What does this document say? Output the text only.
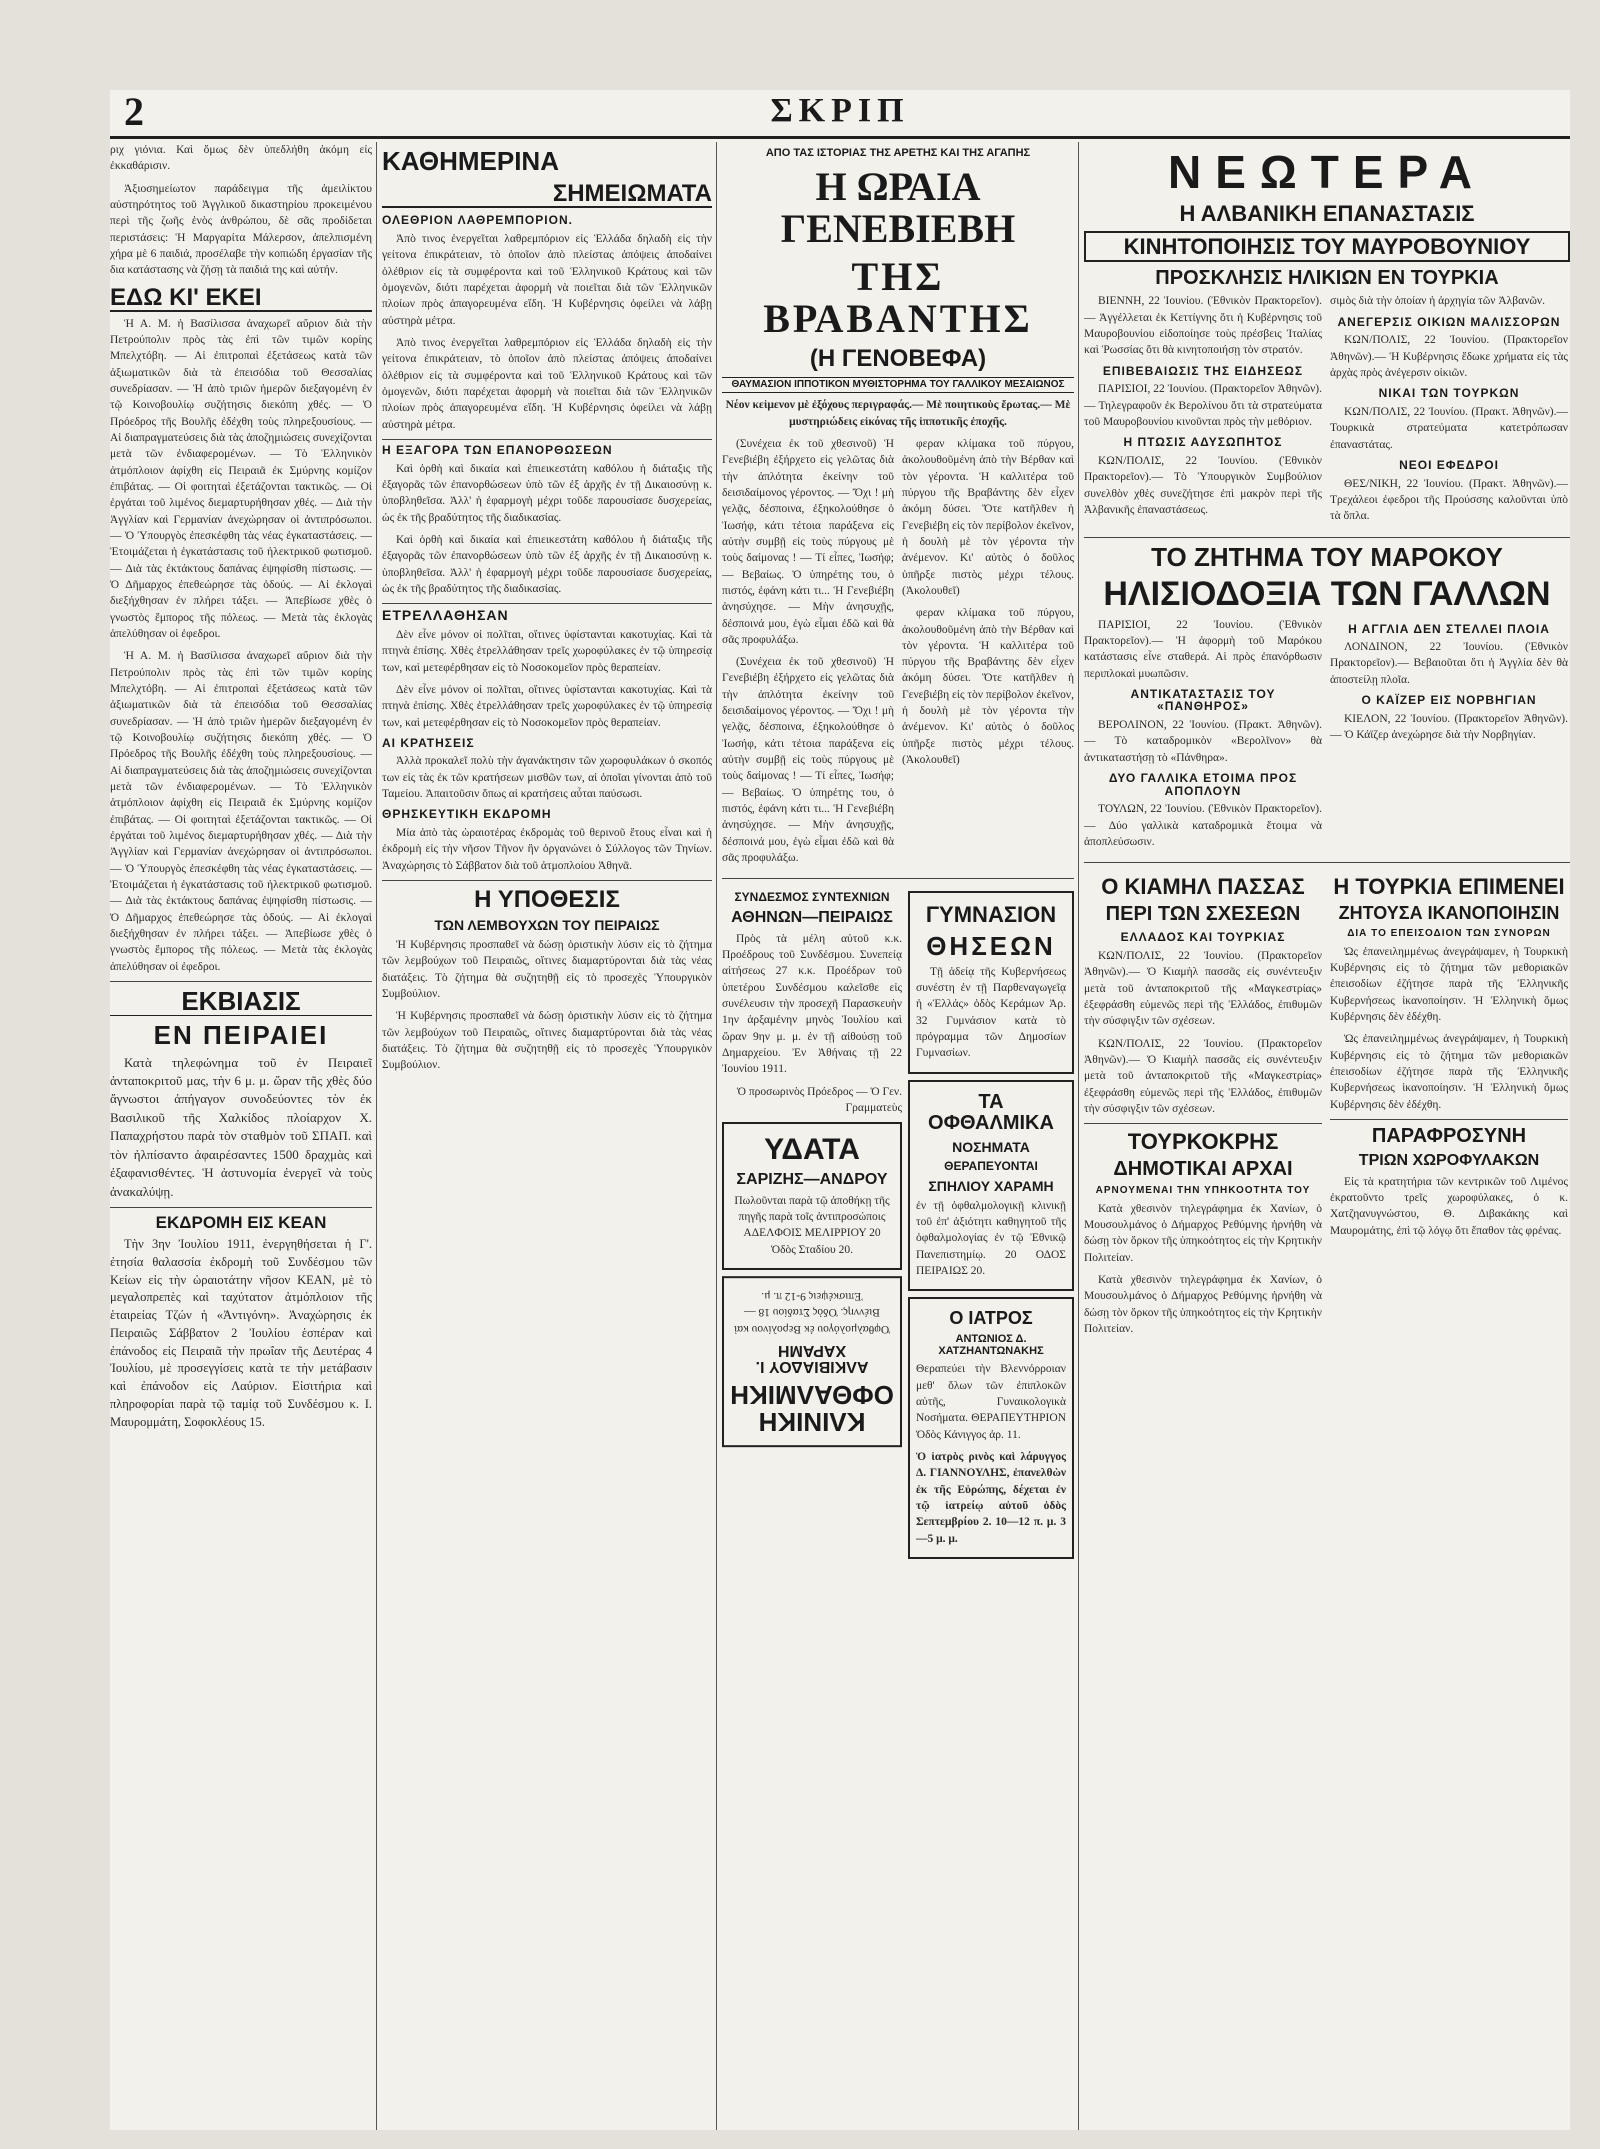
2	ΣΚΡΙΠ

ριχ γιόνια. Καὶ ὅμως δὲν ὑπεδλήθη ἀκόμη εἰς ἐκκαθάρισιν.

Ἀξιοσημείωτον παράδειγμα τῆς ἀμειλίκτου αὐστηρότητος τοῦ Ἀγγλικοῦ δικαστηρίου προκειμένου περὶ τῆς ζωῆς ἑνὸς ἀνθρώπου, δὲ σᾶς προδίδεται περιστάσεις: Ἡ Μαργαρίτα Μάλερσον, ἀπελπισμένη χήρα μὲ 6 παιδιά, προσέλαβε τὴν κοπιώδη ἐργασίαν τῆς δια κατάστασης νὰ ζήσῃ τὰ παιδιά της καὶ αὐτήν.

ΕΔΩ ΚΙ' ΕΚΕΙ

Ἡ Α. Μ. ἡ Βασίλισσα ἀναχωρεῖ αὔριον διὰ τὴν Πετρούπολιν πρὸς τὰς ἐπὶ τῶν τιμῶν κορίης Μπελχτόβη. — Αἱ ἐπιτροπαὶ ἐξετάσεως κατὰ τῶν ἀξιωματικῶν διὰ τὰ ἐπεισόδια τοῦ Θεσσαλίας συνεδρίασαν. — Ἡ ἀπὸ τριῶν ἡμερῶν διεξαγομένη ἐν τῷ Κοινοβουλίῳ συζήτησις διεκόπη χθές. — Ὁ Πρόεδρος τῆς Βουλῆς ἐδέχθη τοὺς πληρεξουσίους. — Αἱ διαπραγματεύσεις διὰ τὰς ἀποζημιώσεις συνεχίζονται μετὰ τῶν ἐνδιαφερομένων. — Τὸ Ἑλληνικὸν ἀτμόπλοιον ἀφίχθη εἰς Πειραιᾶ ἐκ Σμύρνης κομίζον ἐπιβάτας. — Οἱ φοιτηταὶ ἐξετάζονται τακτικῶς. — Οἱ ἐργάται τοῦ λιμένος διεμαρτυρήθησαν χθές. — Διὰ τὴν Ἀγγλίαν καὶ Γερμανίαν ἀνεχώρησαν οἱ ἀντιπρόσωποι. — Ὁ Ὑπουργὸς ἐπεσκέφθη τὰς νέας ἐγκαταστάσεις. — Ἐτοιμάζεται ἡ ἐγκατάστασις τοῦ ἠλεκτρικοῦ φωτισμοῦ. — Διὰ τὰς ἐκτάκτους δαπάνας ἐψηφίσθη πίστωσις. — Ὁ Δῆμαρχος ἐπεθεώρησε τὰς ὁδούς. — Αἱ ἐκλογαὶ διεξήχθησαν ἐν πλήρει τάξει. — Ἀπεβίωσε χθὲς ὁ γνωστὸς ἔμπορος τῆς πόλεως. — Μετὰ τὰς ἐκλογὰς ἀπελύθησαν οἱ ἐφεδροι.

Ἡ Α. Μ. ἡ Βασίλισσα ἀναχωρεῖ αὔριον διὰ τὴν Πετρούπολιν πρὸς τὰς ἐπὶ τῶν τιμῶν κορίης Μπελχτόβη. — Αἱ ἐπιτροπαὶ ἐξετάσεως κατὰ τῶν ἀξιωματικῶν διὰ τὰ ἐπεισόδια τοῦ Θεσσαλίας συνεδρίασαν. — Ἡ ἀπὸ τριῶν ἡμερῶν διεξαγομένη ἐν τῷ Κοινοβουλίῳ συζήτησις διεκόπη χθές. — Ὁ Πρόεδρος τῆς Βουλῆς ἐδέχθη τοὺς πληρεξουσίους. — Αἱ διαπραγματεύσεις διὰ τὰς ἀποζημιώσεις συνεχίζονται μετὰ τῶν ἐνδιαφερομένων. — Τὸ Ἑλληνικὸν ἀτμόπλοιον ἀφίχθη εἰς Πειραιᾶ ἐκ Σμύρνης κομίζον ἐπιβάτας. — Οἱ φοιτηταὶ ἐξετάζονται τακτικῶς. — Οἱ ἐργάται τοῦ λιμένος διεμαρτυρήθησαν χθές. — Διὰ τὴν Ἀγγλίαν καὶ Γερμανίαν ἀνεχώρησαν οἱ ἀντιπρόσωποι. — Ὁ Ὑπουργὸς ἐπεσκέφθη τὰς νέας ἐγκαταστάσεις. — Ἐτοιμάζεται ἡ ἐγκατάστασις τοῦ ἠλεκτρικοῦ φωτισμοῦ. — Διὰ τὰς ἐκτάκτους δαπάνας ἐψηφίσθη πίστωσις. — Ὁ Δῆμαρχος ἐπεθεώρησε τὰς ὁδούς. — Αἱ ἐκλογαὶ διεξήχθησαν ἐν πλήρει τάξει. — Ἀπεβίωσε χθὲς ὁ γνωστὸς ἔμπορος τῆς πόλεως. — Μετὰ τὰς ἐκλογὰς ἀπελύθησαν οἱ ἐφεδροι.

ΕΚΒΙΑΣΙΣ
ΕΝ ΠΕΙΡΑΙΕΙ

Κατὰ τηλεφώνημα τοῦ ἐν Πειραιεῖ ἀνταποκριτοῦ μας, τὴν 6 μ. μ. ὥραν τῆς χθὲς δύο ἄγνωστοι ἀπήγαγον συνοδεύοντες τὸν ἐκ Βασιλικοῦ τῆς Χαλκίδος πλοίαρχον Χ. Παπαχρήστου παρὰ τὸν σταθμὸν τοῦ ΣΠΑΠ. καὶ τὸν ἠλπίσαντο ἀφαιρέσαντες 1500 δραχμὰς καὶ ἐξαφανισθέντες. Ἡ ἀστυνομία ἐνεργεῖ νὰ τοὺς ἀνακαλύψῃ.

ΕΚΔΡΟΜΗ ΕΙΣ ΚΕΑΝ

Τὴν 3ην Ἰουλίου 1911, ἐνεργηθήσεται ἡ Γ'. ἐτησία θαλασσία ἐκδρομὴ τοῦ Συνδέσμου τῶν Κείων εἰς τὴν ὡραιοτάτην νῆσον ΚΕΑΝ, μὲ τὸ μεγαλοπρεπὲς καὶ ταχύτατον ἀτμόπλοιον τῆς ἑταιρείας Τζών ἡ «Ἀντιγόνη». Ἀναχώρησις ἐκ Πειραιῶς Σάββατον 2 Ἰουλίου ἑσπέραν καὶ ἐπάνοδος εἰς Πειραιᾶ τὴν πρωΐαν τῆς Δευτέρας 4 Ἰουλίου, μὲ προσεγγίσεις κατὰ τε τὴν μετάβασιν καὶ ἐπάνοδον εἰς Λαύριον. Εἰσιτήρια καὶ πληροφορίαι παρὰ τῷ ταμίᾳ τοῦ Συνδέσμου κ. Ι. Μαυρομμάτη, Σοφοκλέους 15.

ΚΑΘΗΜΕΡΙΝΑ
ΣΗΜΕΙΩΜΑΤΑ
ΟΛΕΘΡΙΟΝ ΛΑΘΡΕΜΠΟΡΙΟΝ.

Ἀπὸ τινος ἐνεργεῖται λαθρεμπόριον εἰς Ἑλλάδα δηλαδὴ εἰς τὴν γείτονα ἐπικράτειαν, τὸ ὁποῖον ἀπὸ πλείστας ἀπόψεις ἀποδαίνει ὀλέθριον εἰς τὰ συμφέροντα καὶ τοῦ Ἑλληνικοῦ Κράτους καὶ τῶν ὁμογενῶν, διότι παρέχεται ἀφορμὴ νὰ ποιεῖται διὰ τῶν Ἑλληνικῶν πλοίων πρὸς ἀπαγορευμένα εἴδη. Ἡ Κυβέρνησις ὀφείλει νὰ λάβῃ αὐστηρὰ μέτρα.

Ἀπὸ τινος ἐνεργεῖται λαθρεμπόριον εἰς Ἑλλάδα δηλαδὴ εἰς τὴν γείτονα ἐπικράτειαν, τὸ ὁποῖον ἀπὸ πλείστας ἀπόψεις ἀποδαίνει ὀλέθριον εἰς τὰ συμφέροντα καὶ τοῦ Ἑλληνικοῦ Κράτους καὶ τῶν ὁμογενῶν, διότι παρέχεται ἀφορμὴ νὰ ποιεῖται διὰ τῶν Ἑλληνικῶν πλοίων πρὸς ἀπαγορευμένα εἴδη. Ἡ Κυβέρνησις ὀφείλει νὰ λάβῃ αὐστηρὰ μέτρα.

Η ΕΞΑΓΟΡΑ ΤΩΝ ΕΠΑΝΟΡΘΩΣΕΩΝ

Καὶ ὀρθὴ καὶ δικαία καὶ ἐπιεικεστάτη καθόλου ἡ διάταξις τῆς ἐξαγορᾶς τῶν ἐπανορθώσεων ὑπὸ τῶν ἐξ ἀρχῆς ἐν τῇ Δικαιοσύνῃ κ. ὑποβληθεῖσα. Ἀλλ' ἡ ἐφαρμογὴ μέχρι τοῦδε παρουσίασε δυσχερείας, ὡς ἐκ τῆς βραδύτητος τῆς διαδικασίας.

Καὶ ὀρθὴ καὶ δικαία καὶ ἐπιεικεστάτη καθόλου ἡ διάταξις τῆς ἐξαγορᾶς τῶν ἐπανορθώσεων ὑπὸ τῶν ἐξ ἀρχῆς ἐν τῇ Δικαιοσύνῃ κ. ὑποβληθεῖσα. Ἀλλ' ἡ ἐφαρμογὴ μέχρι τοῦδε παρουσίασε δυσχερείας, ὡς ἐκ τῆς βραδύτητος τῆς διαδικασίας.

ΕΤΡΕΛΛΑΘΗΣΑΝ

Δὲν εἶνε μόνον οἱ πολῖται, οἵτινες ὑφίστανται κακοτυχίας. Καὶ τὰ πτηνὰ ἐπίσης. Χθὲς ἐτρελλάθησαν τρεῖς χωροφύλακες ἐν τῷ ὑπηρεσίᾳ των, καὶ μετεφέρθησαν εἰς τὸ Νοσοκομεῖον πρὸς θεραπείαν.

Δὲν εἶνε μόνον οἱ πολῖται, οἵτινες ὑφίστανται κακοτυχίας. Καὶ τὰ πτηνὰ ἐπίσης. Χθὲς ἐτρελλάθησαν τρεῖς χωροφύλακες ἐν τῷ ὑπηρεσίᾳ των, καὶ μετεφέρθησαν εἰς τὸ Νοσοκομεῖον πρὸς θεραπείαν.

ΑΙ ΚΡΑΤΗΣΕΙΣ

Ἀλλὰ προκαλεῖ πολὺ τὴν ἀγανάκτησιν τῶν χωροφυλάκων ὁ σκοπός των εἰς τὰς ἐκ τῶν κρατήσεων μισθῶν των, αἱ ὁποῖαι γίνονται ἀπὸ τοῦ Ταμείου. Ἀπαιτοῦσιν ὅπως αἱ κρατήσεις αὗται παύσωσι.

ΘΡΗΣΚΕΥΤΙΚΗ ΕΚΔΡΟΜΗ

Μία ἀπὸ τὰς ὡραιοτέρας ἐκδρομὰς τοῦ θερινοῦ ἔτους εἶναι καὶ ἡ ἐκδρομὴ εἰς τὴν νῆσον Τῆνον ἣν ὀργανώνει ὁ Σύλλογος τῶν Τηνίων. Ἀναχώρησις τὸ Σάββατον διὰ τοῦ ἀτμοπλοίου Ἀθηνᾶ.

Η ΥΠΟΘΕΣΙΣ
ΤΩΝ ΛΕΜΒΟΥΧΩΝ ΤΟΥ ΠΕΙΡΑΙΩΣ

Ἡ Κυβέρνησις προσπαθεῖ νὰ δώσῃ ὁριστικὴν λύσιν εἰς τὸ ζήτημα τῶν λεμβούχων τοῦ Πειραιῶς, οἵτινες διαμαρτύρονται διὰ τὰς νέας διατάξεις. Τὸ ζήτημα θὰ συζητηθῇ εἰς τὸ προσεχὲς Ὑπουργικὸν Συμβούλιον.

Ἡ Κυβέρνησις προσπαθεῖ νὰ δώσῃ ὁριστικὴν λύσιν εἰς τὸ ζήτημα τῶν λεμβούχων τοῦ Πειραιῶς, οἵτινες διαμαρτύρονται διὰ τὰς νέας διατάξεις. Τὸ ζήτημα θὰ συζητηθῇ εἰς τὸ προσεχὲς Ὑπουργικὸν Συμβούλιον.

ΑΠΟ ΤΑΣ ΙΣΤΟΡΙΑΣ ΤΗΣ ΑΡΕΤΗΣ ΚΑΙ ΤΗΣ ΑΓΑΠΗΣ
Η ΩΡΑΙΑ ΓΕΝΕΒΙΕΒΗ
ΤΗΣ ΒΡΑΒΑΝΤΗΣ
(Η ΓΕΝΟΒΕΦΑ)
ΘΑΥΜΑΣΙΟΝ ΙΠΠΟΤΙΚΟΝ ΜΥΘΙΣΤΟΡΗΜΑ ΤΟΥ ΓΑΛΛΙΚΟΥ ΜΕΣΑΙΩΝΟΣ

Νέον κεἰμενον μὲ ἐξόχους περιγραφάς.— Μὲ ποιητικοὺς ἔρωτας.— Μὲ μυστηριώδεις εἰκόνας τῆς ἱπποτικῆς ἐποχῆς.

(Συνέχεια ἐκ τοῦ χθεσινοῦ) Ἡ Γενεβιέβη ἐξήρχετο εἰς γελῶτας διὰ τὴν ἀπλότητα ἐκείνην τοῦ δεισιδαίμονος γέροντος. — Ὄχι ! μὴ γελᾷς, δέσποινα, ἐξηκολούθησε ὁ Ἰωσήφ, κάτι τέτοια παράξενα εἰς αὐτὴν συμβῇ εἰς τοὺς πύργους μὲ τοὺς δαίμονας ! — Τί εἶπες, Ἰωσήφ; — Βεβαίως. Ὁ ὑπηρέτης του, ὁ πιστός, ἐφάνη κάτι τι... Ἡ Γενεβιέβη ἀνησύχησε. — Μὴν ἀνησυχῇς, δέσποινά μου, ἐγὼ εἶμαι ἐδῶ καὶ θὰ σᾶς προφυλάξω.

(Συνέχεια ἐκ τοῦ χθεσινοῦ) Ἡ Γενεβιέβη ἐξήρχετο εἰς γελῶτας διὰ τὴν ἀπλότητα ἐκείνην τοῦ δεισιδαίμονος γέροντος. — Ὄχι ! μὴ γελᾷς, δέσποινα, ἐξηκολούθησε ὁ Ἰωσήφ, κάτι τέτοια παράξενα εἰς αὐτὴν συμβῇ εἰς τοὺς πύργους μὲ τοὺς δαίμονας ! — Τί εἶπες, Ἰωσήφ; — Βεβαίως. Ὁ ὑπηρέτης του, ὁ πιστός, ἐφάνη κάτι τι... Ἡ Γενεβιέβη ἀνησύχησε. — Μὴν ἀνησυχῇς, δέσποινά μου, ἐγὼ εἶμαι ἐδῶ καὶ θὰ σᾶς προφυλάξω.

φεραν κλίμακα τοῦ πύργου, ἀκολουθοῦμένη ἀπὸ τὴν Βέρθαν καὶ τὸν γέροντα. Ἡ καλλιτέρα τοῦ πύργου τῆς Βραβάντης δὲν εἶχεν ἀκόμη δύσει. Ὅτε κατῆλθεν ἡ Γενεβιέβη εἰς τὸν περίβολον ἐκεῖνον, ἡ δουλὴ μὲ τὸν γέροντα τὴν ἀνέμενον. Κι' αὐτὸς ὁ δοῦλος ὑπῆρξε πιστὸς μέχρι τέλους. (Ἀκολουθεῖ)

φεραν κλίμακα τοῦ πύργου, ἀκολουθοῦμένη ἀπὸ τὴν Βέρθαν καὶ τὸν γέροντα. Ἡ καλλιτέρα τοῦ πύργου τῆς Βραβάντης δὲν εἶχεν ἀκόμη δύσει. Ὅτε κατῆλθεν ἡ Γενεβιέβη εἰς τὸν περίβολον ἐκεῖνον, ἡ δουλὴ μὲ τὸν γέροντα τὴν ἀνέμενον. Κι' αὐτὸς ὁ δοῦλος ὑπῆρξε πιστὸς μέχρι τέλους. (Ἀκολουθεῖ)

ΣΥΝΔΕΣΜΟΣ ΣΥΝΤΕΧΝΙΩΝ
ΑΘΗΝΩΝ—ΠΕΙΡΑΙΩΣ

Πρὸς τὰ μέλη αὐτοῦ κ.κ. Προέδρους τοῦ Συνδέσμου. Συνεπείᾳ αἰτήσεως 27 κ.κ. Προέδρων τοῦ ὑπετέρου Συνδέσμου καλεῖσθε εἰς συνέλευσιν τὴν προσεχῆ Παρασκευὴν 1ην ἀρξαμένην μηνὸς Ἰουλίου καὶ ὥραν 9ην μ. μ. ἐν τῇ αἰθούσῃ τοῦ Δημαρχείου. Ἐν Ἀθήναις τῇ 22 Ἰουνίου 1911.

Ὁ προσωρινὸς Πρόεδρος — Ὁ Γεν. Γραμματεὺς

ΥΔΑΤΑ
ΣΑΡΙΖΗΣ—ΑΝΔΡΟΥ

Πωλοῦνται παρὰ τῷ ἀποθήκῃ τῆς πηγῆς παρὰ τοῖς ἀντιπροσώποις ΑΔΕΛΦΟΙΣ ΜΕΛΙΡΡΙΟΥ 20 Ὁδὸς Σταδίου 20.

ΚΛΙΝΙΚΗ ΟΦΘΑΛΜΙΚΗ
ΑΛΚΙΒΙΑΔΟΥ Ι. ΧΑΡΑΜΗ

Ὀφθαλμολόγου ἐκ Βερολίνου καὶ Βιέννης. Ὁδὸς Σταδίου 18 — Ἐπισκέψεις 9-12 π. μ.

ΓΥΜΝΑΣΙΟΝ
ΘΗΣΕΩΝ

Τῇ ἀδείᾳ τῆς Κυβερνήσεως συνέστη ἐν τῇ Παρθεναγωγεῖᾳ ἡ «Ἐλλάς» ὁδὸς Κεράμων Ἀρ. 32 Γυμνάσιον κατὰ τὸ πρόγραμμα τῶν Δημοσίων Γυμνασίων.

ΤΑ ΟΦΘΑΛΜΙΚΑ
ΝΟΣΗΜΑΤΑ
ΘΕΡΑΠΕΥΟΝΤΑΙ
ΣΠΗΛΙΟΥ ΧΑΡΑΜΗ

ἐν τῇ ὀφθαλμολογικῇ κλινικῇ τοῦ ἐπ' ἀξιότητι καθηγητοῦ τῆς ὀφθαλμολογίας ἐν τῷ Ἐθνικῷ Πανεπιστημίῳ. 20 ΟΔΟΣ ΠΕΙΡΑΙΩΣ 20.

Ο ΙΑΤΡΟΣ
ΑΝΤΩΝΙΟΣ Δ. ΧΑΤΖΗΑΝΤΩΝΑΚΗΣ

Θεραπεύει τὴν Βλεννόρροιαν μεθ' ὅλων τῶν ἐπιπλοκῶν αὐτῆς, Γυναικολογικὰ Νοσήματα. ΘΕΡΑΠΕΥΤΗΡΙΟΝ Ὁδὸς Κάνιγγος ἀρ. 11.

Ὁ ἰατρὸς ρινὸς καὶ λάρυγγος Δ. ΓΙΑΝΝΟΥΛΗΣ, ἐπανελθὼν ἐκ τῆς Εὐρώπης, δέχεται ἐν τῷ ἰατρείῳ αὐτοῦ ὁδὸς Σεπτεμβρίου 2. 10—12 π. μ. 3—5 μ. μ.

ΝΕΩΤΕΡΑ
Η ΑΛΒΑΝΙΚΗ ΕΠΑΝΑΣΤΑΣΙΣ
ΚΙΝΗΤΟΠΟΙΗΣΙΣ ΤΟΥ ΜΑΥΡΟΒΟΥΝΙΟΥ
ΠΡΟΣΚΛΗΣΙΣ ΗΛΙΚΙΩΝ ΕΝ ΤΟΥΡΚΙΑ

ΒΙΕΝΝΗ, 22 Ἰουνίου. (Ἐθνικὸν Πρακτορεῖον).— Ἀγγέλλεται ἐκ Κεττίγνης ὅτι ἡ Κυβέρνησις τοῦ Μαυροβουνίου εἰδοποίησε τοὺς πρέσβεις Ἰταλίας καὶ Ῥωσσίας ὅτι θὰ κινητοποιήσῃ τὸν στρατόν.

ΕΠΙΒΕΒΑΙΩΣΙΣ ΤΗΣ ΕΙΔΗΣΕΩΣ

ΠΑΡΙΣΙΟΙ, 22 Ἰουνίου. (Πρακτορεῖον Ἀθηνῶν).— Τηλεγραφοῦν ἐκ Βερολίνου ὅτι τὰ στρατεύματα τοῦ Μαυροβουνίου κινοῦνται πρὸς τὴν μεθόριον.

Η ΠΤΩΣΙΣ ΑΔΥΣΩΠΗΤΟΣ

ΚΩΝ/ΠΟΛΙΣ, 22 Ἰουνίου. (Ἐθνικὸν Πρακτορεῖον).— Τὸ Ὑπουργικὸν Συμβούλιον συνελθὸν χθὲς συνεζήτησε ἐπὶ μακρὸν περὶ τῆς Ἀλβανικῆς ἐπαναστάσεως.

σιμὸς διὰ τὴν ὁποίαν ἡ ἀρχηγία τῶν Ἀλβανῶν.

ΑΝΕΓΕΡΣΙΣ ΟΙΚΙΩΝ ΜΑΛΙΣΣΟΡΩΝ

ΚΩΝ/ΠΟΛΙΣ, 22 Ἰουνίου. (Πρακτορεῖον Ἀθηνῶν).— Ἡ Κυβέρνησις ἔδωκε χρήματα εἰς τὰς ἀρχὰς πρὸς ἀνέγερσιν οἰκιῶν.

ΝΙΚΑΙ ΤΩΝ ΤΟΥΡΚΩΝ

ΚΩΝ/ΠΟΛΙΣ, 22 Ἰουνίου. (Πρακτ. Ἀθηνῶν).— Τουρκικὰ στρατεύματα κατετρόπωσαν ἐπαναστάτας.

ΝΕΟΙ ΕΦΕΔΡΟΙ

ΘΕΣ/ΝΙΚΗ, 22 Ἰουνίου. (Πρακτ. Ἀθηνῶν).— Τρεχάλεοι ἐφεδροι τῆς Προύσσης καλοῦνται ὑπὸ τὰ ὅπλα.

ΤΟ ΖΗΤΗΜΑ ΤΟΥ ΜΑΡΟΚΟΥ
ΗΛΙΣΙΟΔΟΞΙΑ ΤΩΝ ΓΑΛΛΩΝ

ΠΑΡΙΣΙΟΙ, 22 Ἰουνίου. (Ἐθνικὸν Πρακτορεῖον).— Ἡ ἀφορμὴ τοῦ Μαρόκου κατάστασις εἶνε σταθερά. Αἱ πρὸς ἐπανόρθωσιν περιπλοκαὶ μυωπῶσιν.

ΑΝΤΙΚΑΤΑΣΤΑΣΙΣ ΤΟΥ «ΠΑΝΘΗΡΟΣ»

ΒΕΡΟΛΙΝΟΝ, 22 Ἰουνίου. (Πρακτ. Ἀθηνῶν).— Τὸ καταδρομικὸν «Βερολῖνον» θὰ ἀντικαταστήσῃ τὸ «Πάνθηρα».

ΔΥΟ ΓΑΛΛΙΚΑ ΕΤΟΙΜΑ ΠΡΟΣ ΑΠΟΠΛΟΥΝ

ΤΟΥΛΩΝ, 22 Ἰουνίου. (Ἐθνικὸν Πρακτορεῖον).— Δύο γαλλικὰ καταδρομικὰ ἕτοιμα νὰ ἀποπλεύσωσιν.

Η ΑΓΓΛΙΑ ΔΕΝ ΣΤΕΛΛΕΙ ΠΛΟΙΑ

ΛΟΝΔΙΝΟΝ, 22 Ἰουνίου. (Ἐθνικὸν Πρακτορεῖον).— Βεβαιοῦται ὅτι ἡ Ἀγγλία δὲν θὰ ἀποστείλῃ πλοῖα.

Ο ΚΑΪΖΕΡ ΕΙΣ ΝΟΡΒΗΓΙΑΝ

ΚΙΕΛΟΝ, 22 Ἰουνίου. (Πρακτορεῖον Ἀθηνῶν).— Ὁ Κάϊζερ ἀνεχώρησε διὰ τὴν Νορβηγίαν.

Ο ΚΙΑΜΗΛ ΠΑΣΣΑΣ
ΠΕΡΙ ΤΩΝ ΣΧΕΣΕΩΝ
ΕΛΛΑΔΟΣ ΚΑΙ ΤΟΥΡΚΙΑΣ

ΚΩΝ/ΠΟΛΙΣ, 22 Ἰουνίου. (Πρακτορεῖον Ἀθηνῶν).— Ὁ Κιαμὴλ πασσᾶς εἰς συνέντευξιν μετὰ τοῦ ἀνταποκριτοῦ τῆς «Μαγκεστρίας» ἐξεφράσθη εὐμενῶς περὶ τῆς Ἑλλάδος, ἐπιθυμῶν τὴν σύσφιγξιν τῶν σχέσεων.

ΚΩΝ/ΠΟΛΙΣ, 22 Ἰουνίου. (Πρακτορεῖον Ἀθηνῶν).— Ὁ Κιαμὴλ πασσᾶς εἰς συνέντευξιν μετὰ τοῦ ἀνταποκριτοῦ τῆς «Μαγκεστρίας» ἐξεφράσθη εὐμενῶς περὶ τῆς Ἑλλάδος, ἐπιθυμῶν τὴν σύσφιγξιν τῶν σχέσεων.

ΤΟΥΡΚΟΚΡΗΣ
ΔΗΜΟΤΙΚΑΙ ΑΡΧΑΙ
ΑΡΝΟΥΜΕΝΑΙ ΤΗΝ ΥΠΗΚΟΟΤΗΤΑ ΤΟΥ

Κατὰ χθεσινὸν τηλεγράφημα ἐκ Χανίων, ὁ Μουσουλμάνος ὁ Δήμαρχος Ρεθύμνης ἠρνήθη νὰ δώσῃ τὸν ὅρκον τῆς ὑπηκοότητος εἰς τὴν Κρητικὴν Πολιτείαν.

Κατὰ χθεσινὸν τηλεγράφημα ἐκ Χανίων, ὁ Μουσουλμάνος ὁ Δήμαρχος Ρεθύμνης ἠρνήθη νὰ δώσῃ τὸν ὅρκον τῆς ὑπηκοότητος εἰς τὴν Κρητικὴν Πολιτείαν.

Η ΤΟΥΡΚΙΑ ΕΠΙΜΕΝΕΙ
ΖΗΤΟΥΣΑ ΙΚΑΝΟΠΟΙΗΣΙΝ
ΔΙΑ ΤΟ ΕΠΕΙΣΟΔΙΟΝ ΤΩΝ ΣΥΝΟΡΩΝ

Ὡς ἐπανειλημμένως ἀνεγράψαμεν, ἡ Τουρκικὴ Κυβέρνησις εἰς τὸ ζήτημα τῶν μεθοριακῶν ἐπεισοδίων ἐζήτησε παρὰ τῆς Ἑλληνικῆς Κυβερνήσεως ἱκανοποίησιν. Ἡ Ἑλληνικὴ ὅμως Κυβέρνησις δὲν ἐδέχθη.

Ὡς ἐπανειλημμένως ἀνεγράψαμεν, ἡ Τουρκικὴ Κυβέρνησις εἰς τὸ ζήτημα τῶν μεθοριακῶν ἐπεισοδίων ἐζήτησε παρὰ τῆς Ἑλληνικῆς Κυβερνήσεως ἱκανοποίησιν. Ἡ Ἑλληνικὴ ὅμως Κυβέρνησις δὲν ἐδέχθη.

ΠΑΡΑΦΡΟΣΥΝΗ
ΤΡΙΩΝ ΧΩΡΟΦΥΛΑΚΩΝ

Εἰς τὰ κρατητήρια τῶν κεντρικῶν τοῦ Λιμένος ἐκρατοῦντο τρεῖς χωροφύλακες, ὁ κ. Χατζηανυγνώστου, Θ. Διβακάκης καὶ Μαυρομάτης, ἐπὶ τῷ λόγῳ ὅτι ἔπαθον τὰς φρένας.
